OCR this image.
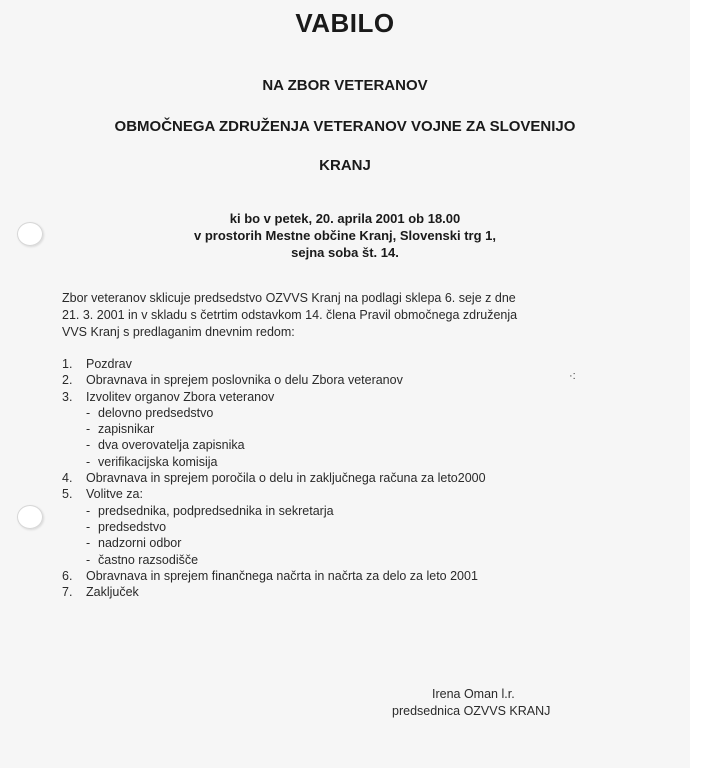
VABILO
NA ZBOR VETERANOV
OBMOČNEGA ZDRUŽENJA VETERANOV VOJNE ZA SLOVENIJO
KRANJ
ki bo v petek, 20. aprila 2001 ob 18.00
v prostorih Mestne občine Kranj, Slovenski trg 1,
sejna soba št. 14.
Zbor veteranov sklicuje predsedstvo OZVVS Kranj na podlagi sklepa 6. seje z dne
21. 3. 2001 in v skladu s četrtim odstavkom 14. člena Pravil območnega združenja
VVS Kranj s predlaganim dnevnim redom:
1.	Pozdrav
2.	Obravnava in sprejem poslovnika o delu Zbora veteranov
3.	Izvolitev organov Zbora veteranov
- delovno predsedstvo
- zapisnikar
- dva overovatelja zapisnika
- verifikacijska komisija
4.	Obravnava in sprejem poročila o delu in zaključnega računa za leto2000
5.	Volitve za:
- predsednika, podpredsednika in sekretarja
- predsedstvo
- nadzorni odbor
- častno razsodišče
6.	Obravnava in sprejem finančnega načrta in načrta za delo za leto 2001
7.	Zaključek
·:
Irena Oman l.r.
predsednica OZVVS KRANJ
